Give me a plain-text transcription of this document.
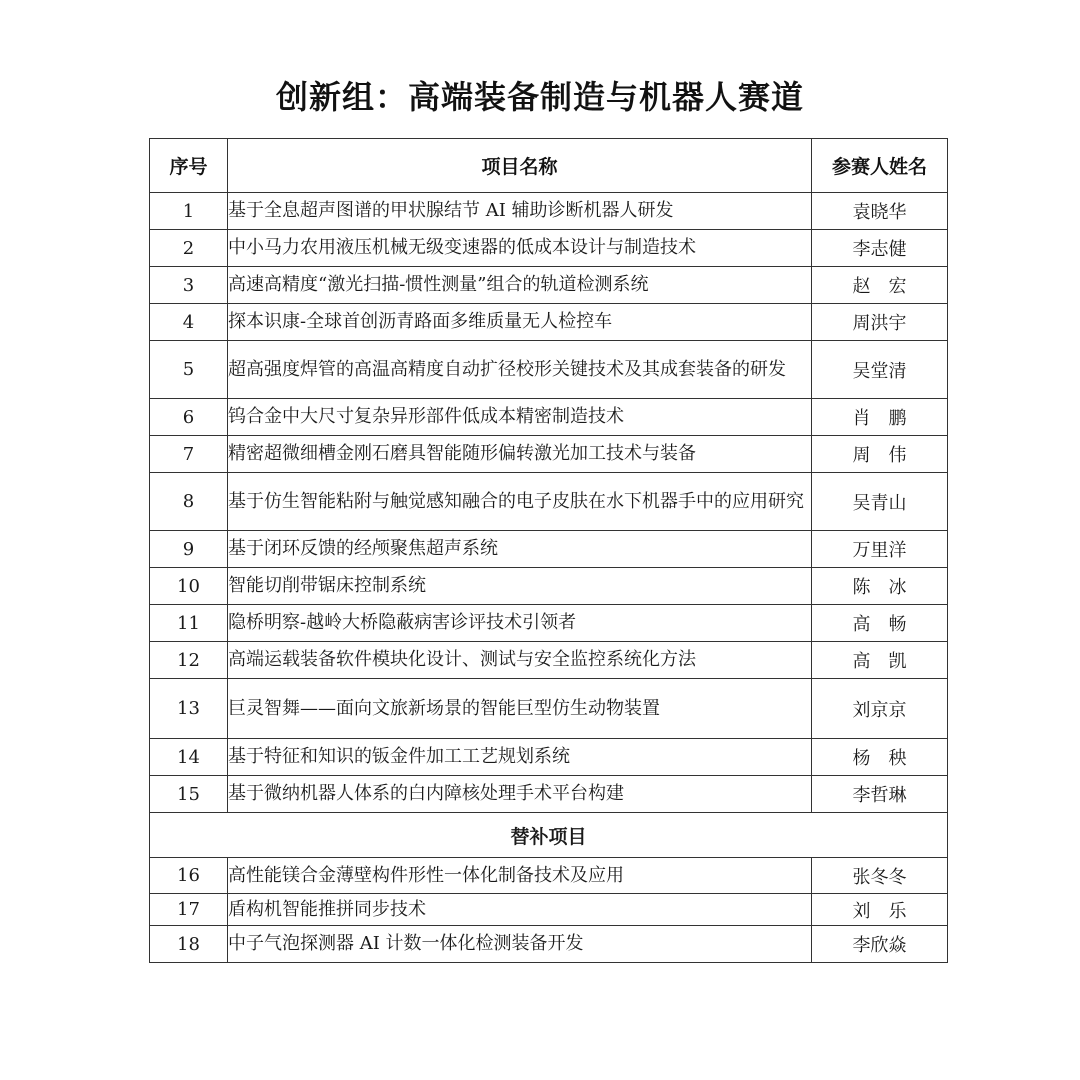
创新组：高端装备制造与机器人赛道
序号	项目名称	参赛人姓名
1	基于全息超声图谱的甲状腺结节 AI 辅助诊断机器人研发	袁晓华
2	中小马力农用液压机械无级变速器的低成本设计与制造技术	李志健
3	高速高精度“激光扫描-惯性测量”组合的轨道检测系统	赵　宏
4	探本识康-全球首创沥青路面多维质量无人检控车	周洪宇
5	超高强度焊管的高温高精度自动扩径校形关键技术及其成套装备的研发	吴堂清
6	钨合金中大尺寸复杂异形部件低成本精密制造技术	肖　鹏
7	精密超微细槽金刚石磨具智能随形偏转激光加工技术与装备	周　伟
8	基于仿生智能粘附与触觉感知融合的电子皮肤在水下机器手中的应用研究	吴青山
9	基于闭环反馈的经颅聚焦超声系统	万里洋
10	智能切削带锯床控制系统	陈　冰
11	隐桥明察-越岭大桥隐蔽病害诊评技术引领者	高　畅
12	高端运载装备软件模块化设计、测试与安全监控系统化方法	高　凯
13	巨灵智舞——面向文旅新场景的智能巨型仿生动物装置	刘京京
14	基于特征和知识的钣金件加工工艺规划系统	杨　秧
15	基于微纳机器人体系的白内障核处理手术平台构建	李哲琳
替补项目		
16	高性能镁合金薄壁构件形性一体化制备技术及应用	张冬冬
17	盾构机智能推拼同步技术	刘　乐
18	中子气泡探测器 AI 计数一体化检测装备开发	李欣焱
